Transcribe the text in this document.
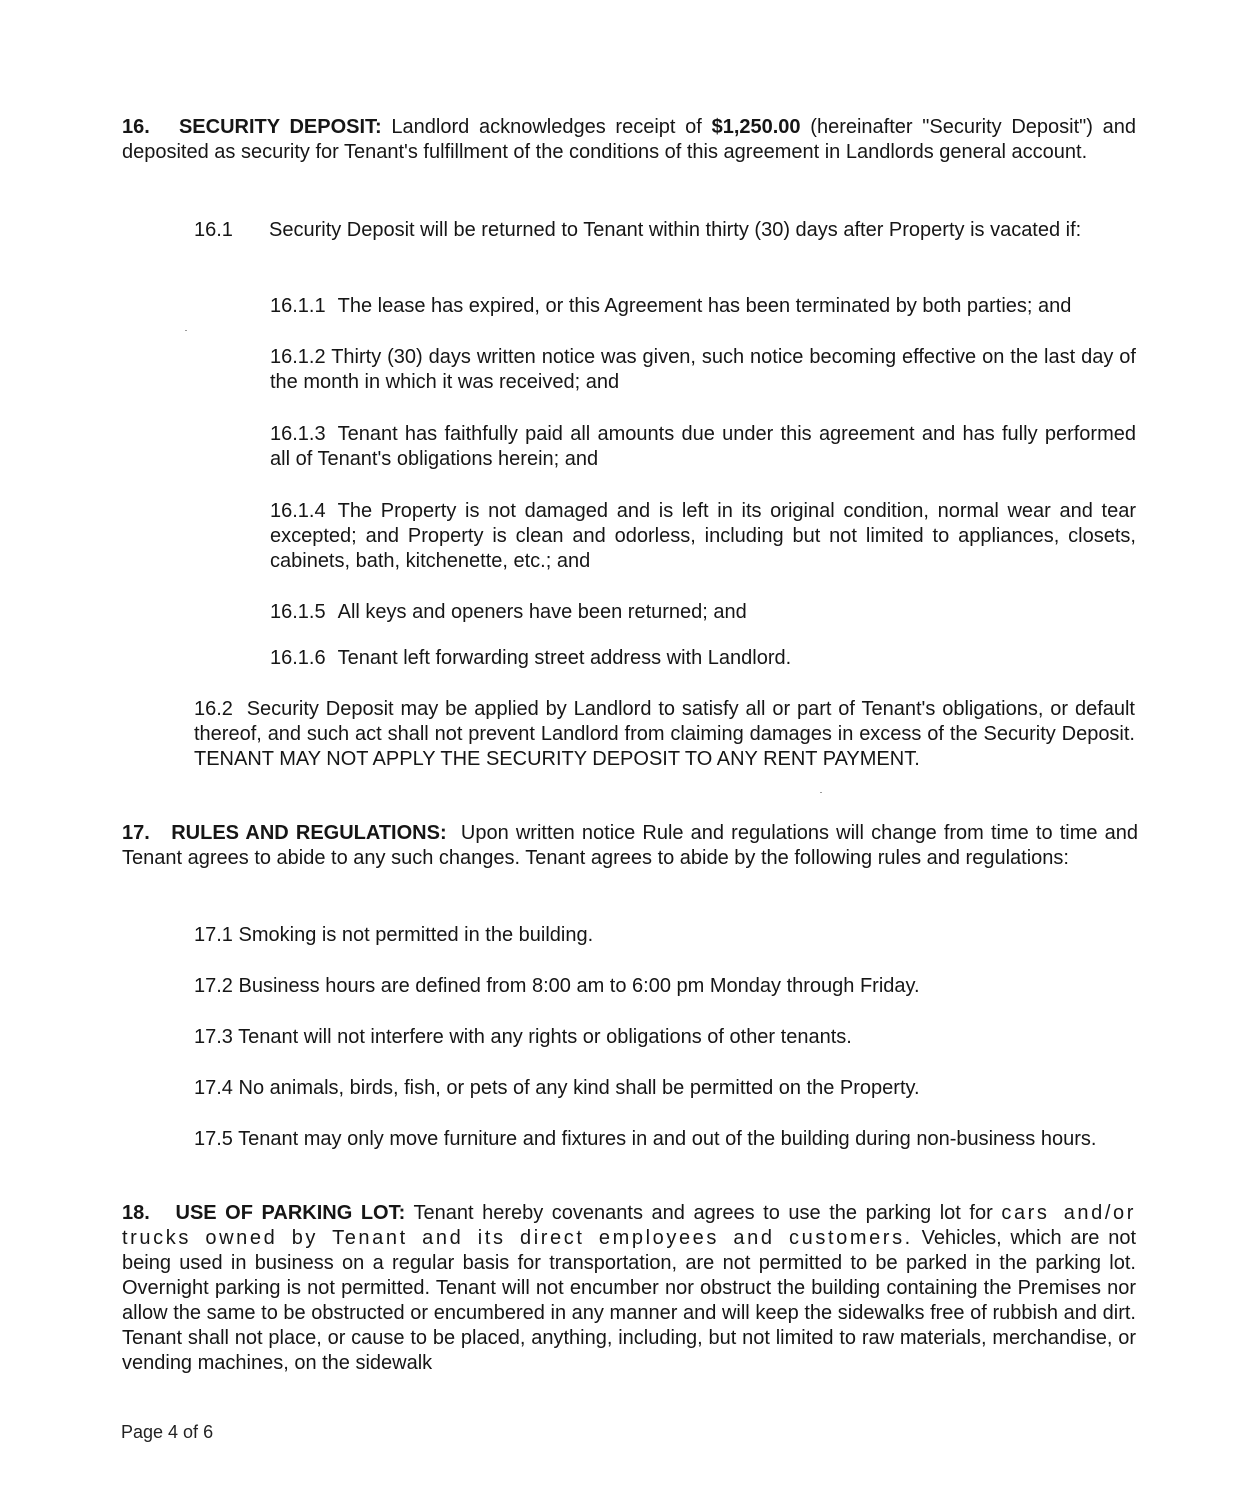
16. SECURITY DEPOSIT: Landlord acknowledges receipt of $1,250.00 (hereinafter "Security Deposit") and deposited as security for Tenant's fulfillment of the conditions of this agreement in Landlords general account.

16.1 Security Deposit will be returned to Tenant within thirty (30) days after Property is vacated if:

16.1.1 The lease has expired, or this Agreement has been terminated by both parties; and

16.1.2 Thirty (30) days written notice was given, such notice becoming effective on the last day of the month in which it was received; and

16.1.3 Tenant has faithfully paid all amounts due under this agreement and has fully performed all of Tenant's obligations herein; and

16.1.4 The Property is not damaged and is left in its original condition, normal wear and tear excepted; and Property is clean and odorless, including but not limited to appliances, closets, cabinets, bath, kitchenette, etc.; and

16.1.5 All keys and openers have been returned; and

16.1.6 Tenant left forwarding street address with Landlord.

16.2 Security Deposit may be applied by Landlord to satisfy all or part of Tenant's obligations, or default thereof, and such act shall not prevent Landlord from claiming damages in excess of the Security Deposit. TENANT MAY NOT APPLY THE SECURITY DEPOSIT TO ANY RENT PAYMENT.

17. RULES AND REGULATIONS: Upon written notice Rule and regulations will change from time to time and Tenant agrees to abide to any such changes. Tenant agrees to abide by the following rules and regulations:

17.1 Smoking is not permitted in the building.

17.2 Business hours are defined from 8:00 am to 6:00 pm Monday through Friday.

17.3 Tenant will not interfere with any rights or obligations of other tenants.

17.4 No animals, birds, fish, or pets of any kind shall be permitted on the Property.

17.5 Tenant may only move furniture and fixtures in and out of the building during non-business hours.

18. USE OF PARKING LOT: Tenant hereby covenants and agrees to use the parking lot for cars and/or trucks owned by Tenant and its direct employees and customers. Vehicles, which are not being used in business on a regular basis for transportation, are not permitted to be parked in the parking lot. Overnight parking is not permitted. Tenant will not encumber nor obstruct the building containing the Premises nor allow the same to be obstructed or encumbered in any manner and will keep the sidewalks free of rubbish and dirt. Tenant shall not place, or cause to be placed, anything, including, but not limited to raw materials, merchandise, or vending machines, on the sidewalk

Page 4 of 6
